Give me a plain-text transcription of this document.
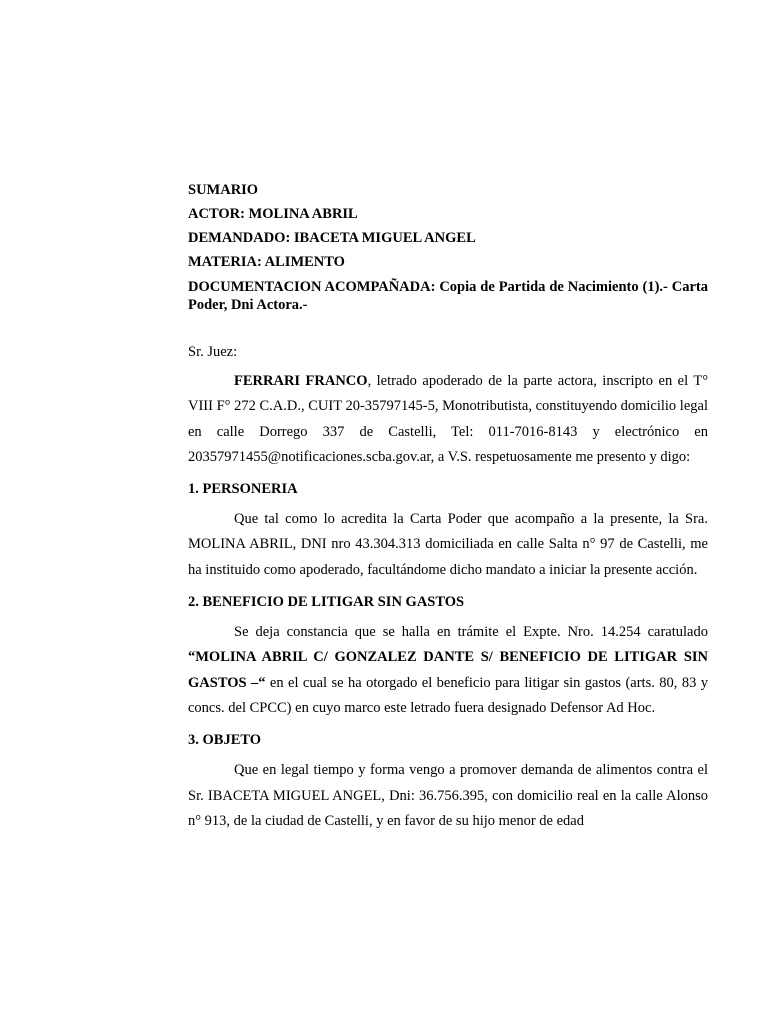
SUMARIO

ACTOR: MOLINA ABRIL

DEMANDADO: IBACETA MIGUEL ANGEL

MATERIA: ALIMENTO

DOCUMENTACION ACOMPAÑADA: Copia de Partida de Nacimiento (1).- Carta Poder, Dni Actora.-

Sr. Juez:

FERRARI FRANCO, letrado apoderado de la parte actora, inscripto en el T° VIII F° 272 C.A.D., CUIT 20-35797145-5, Monotributista, constituyendo domicilio legal en calle Dorrego 337 de Castelli, Tel: 011-7016-8143 y electrónico en 20357971455@notificaciones.scba.gov.ar, a V.S. respetuosamente me presento y digo:

1. PERSONERIA

Que tal como lo acredita la Carta Poder que acompaño a la presente, la Sra. MOLINA ABRIL, DNI nro 43.304.313 domiciliada en calle Salta n° 97 de Castelli, me ha instituido como apoderado, facultándome dicho mandato a iniciar la presente acción.

2. BENEFICIO DE LITIGAR SIN GASTOS

Se deja constancia que se halla en trámite el Expte. Nro. 14.254 caratulado “MOLINA ABRIL C/ GONZALEZ DANTE S/ BENEFICIO DE LITIGAR SIN GASTOS –“ en el cual se ha otorgado el beneficio para litigar sin gastos (arts. 80, 83 y concs. del CPCC) en cuyo marco este letrado fuera designado Defensor Ad Hoc.

3. OBJETO

Que en legal tiempo y forma vengo a promover demanda de alimentos contra el Sr. IBACETA MIGUEL ANGEL, Dni: 36.756.395, con domicilio real en la calle Alonso n° 913, de la ciudad de Castelli, y en favor de su hijo menor de edad
